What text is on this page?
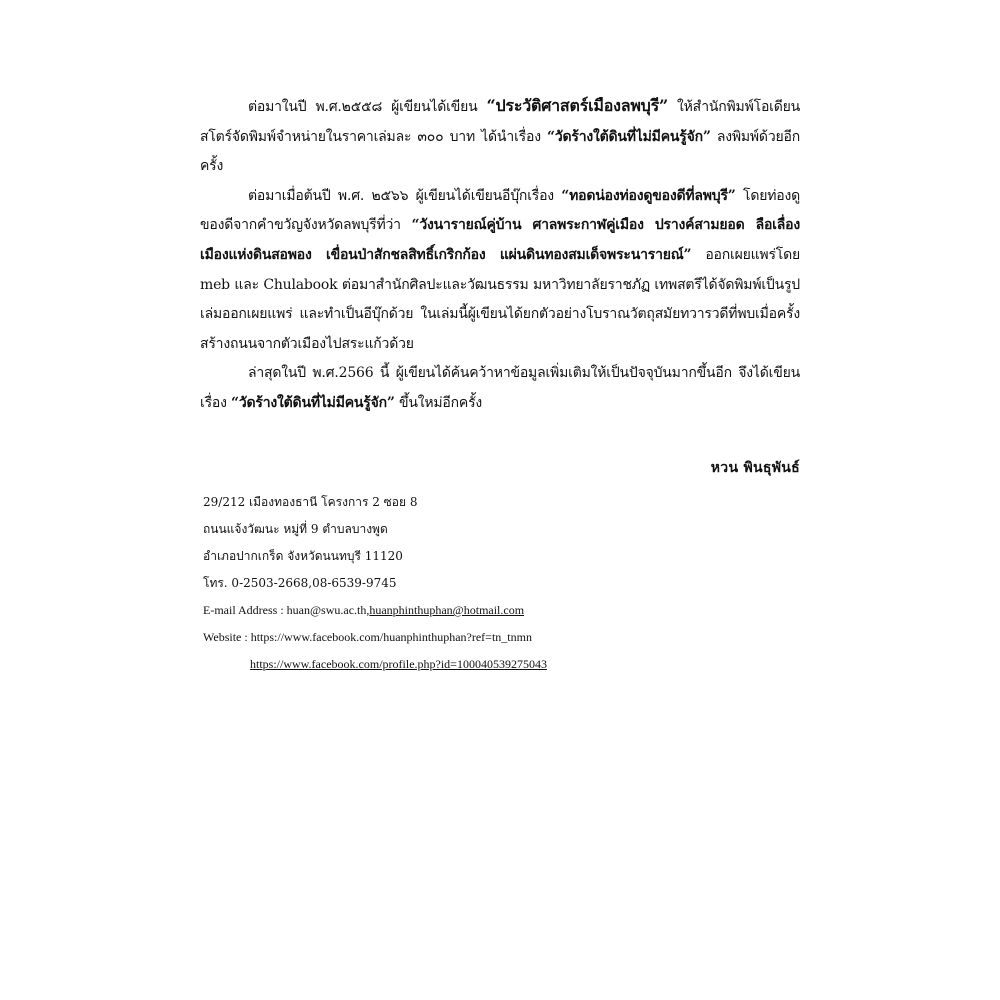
ต่อมาในปี พ.ศ.๒๕๕๘ ผู้เขียนได้เขียน “ประวัติศาสตร์เมืองลพบุรี” ให้สำนักพิมพ์โอเดียนสโตร์จัดพิมพ์จำหน่ายในราคาเล่มละ ๓๐๐ บาท ได้นำเรื่อง “วัดร้างใต้ดินที่ไม่มีคนรู้จัก” ลงพิมพ์ด้วยอีกครั้ง

ต่อมาเมื่อต้นปี พ.ศ. ๒๕๖๖ ผู้เขียนได้เขียนอีบุ๊กเรื่อง “ทอดน่องท่องดูของดีที่ลพบุรี” โดยท่องดูของดีจากคำขวัญจังหวัดลพบุรีที่ว่า “วังนารายณ์คู่บ้าน ศาลพระกาฬคู่เมือง ปรางค์สามยอด ลือเลื่อง เมืองแห่งดินสอพอง เขื่อนป่าสักชลสิทธิ์เกริกก้อง แผ่นดินทองสมเด็จพระนารายณ์” ออกเผยแพร่โดย meb และ Chulabook ต่อมาสำนักศิลปะและวัฒนธรรม มหาวิทยาลัยราชภัฏ เทพสตรีได้จัดพิมพ์เป็นรูปเล่มออกเผยแพร่ และทำเป็นอีบุ๊กด้วย ในเล่มนี้ผู้เขียนได้ยกตัวอย่างโบราณวัตถุสมัยทวารวดีที่พบเมื่อครั้งสร้างถนนจากตัวเมืองไปสระแก้วด้วย

ล่าสุดในปี พ.ศ.2566 นี้ ผู้เขียนได้ค้นคว้าหาข้อมูลเพิ่มเติมให้เป็นปัจจุบันมากขึ้นอีก จึงได้เขียนเรื่อง “วัดร้างใต้ดินที่ไม่มีคนรู้จัก” ขึ้นใหม่อีกครั้ง

หวน พินธุพันธ์
29/212 เมืองทองธานี โครงการ 2 ซอย 8
ถนนแจ้งวัฒนะ หมู่ที่ 9 ตำบลบางพูด
อำเภอปากเกร็ด จังหวัดนนทบุรี 11120
โทร. 0-2503-2668,08-6539-9745
E-mail Address : huan@swu.ac.th,huanphinthuphan@hotmail.com
Website : https://www.facebook.com/huanphinthuphan?ref=tn_tnmn
https://www.facebook.com/profile.php?id=100040539275043
